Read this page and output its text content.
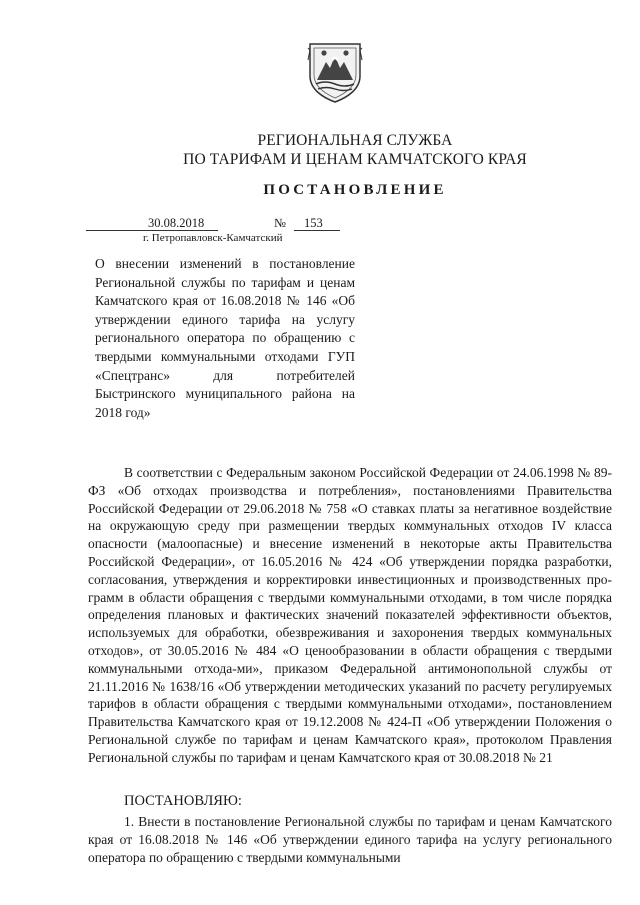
РЕГИОНАЛЬНАЯ СЛУЖБА
ПО ТАРИФАМ И ЦЕНАМ КАМЧАТСКОГО КРАЯ
ПОСТАНОВЛЕНИЕ
30.08.2018	№ 153
г. Петропавловск-Камчатский
О внесении изменений в постановление Региональной службы по тарифам и ценам Камчатского края от 16.08.2018 № 146 «Об утверждении единого тарифа на услугу регионального оператора по обращению с твердыми коммунальными отходами ГУП «Спецтранс» для потребителей Быстринского муниципального района на 2018 год»
В соответствии с Федеральным законом Российской Федерации от 24.06.1998 № 89-ФЗ «Об отходах производства и потребления», постановлениями Правительства Российской Федерации от 29.06.2018 № 758 «О ставках платы за негативное воздействие на окружающую среду при размещении твердых коммунальных отходов IV класса опасности (малоопасные) и внесение изменений в некоторые акты Правительства Российской Федерации», от 16.05.2016 № 424 «Об утверждении порядка разработки, согласования, утверждения и корректировки инвестиционных и производственных про-грамм в области обращения с твердыми коммунальными отходами, в том числе порядка определения плановых и фактических значений показателей эффективности объектов, используемых для обработки, обезвреживания и захоронения твердых коммунальных отходов», от 30.05.2016 № 484 «О ценообразовании в области обращения с твердыми коммунальными отхода-ми», приказом Федеральной антимонопольной службы от 21.11.2016 № 1638/16 «Об утверждении методических указаний по расчету регулируемых тарифов в области обращения с твердыми коммунальными отходами», постановлением Правительства Камчатского края от 19.12.2008 № 424-П «Об утверждении Положения о Региональной службе по тарифам и ценам Камчатского края», протоколом Правления Региональной службы по тарифам и ценам Камчатского края от 30.08.2018 № 21
ПОСТАНОВЛЯЮ:
1. Внести в постановление Региональной службы по тарифам и ценам Камчатского края от 16.08.2018 № 146 «Об утверждении единого тарифа на услугу регионального оператора по обращению с твердыми коммунальными
